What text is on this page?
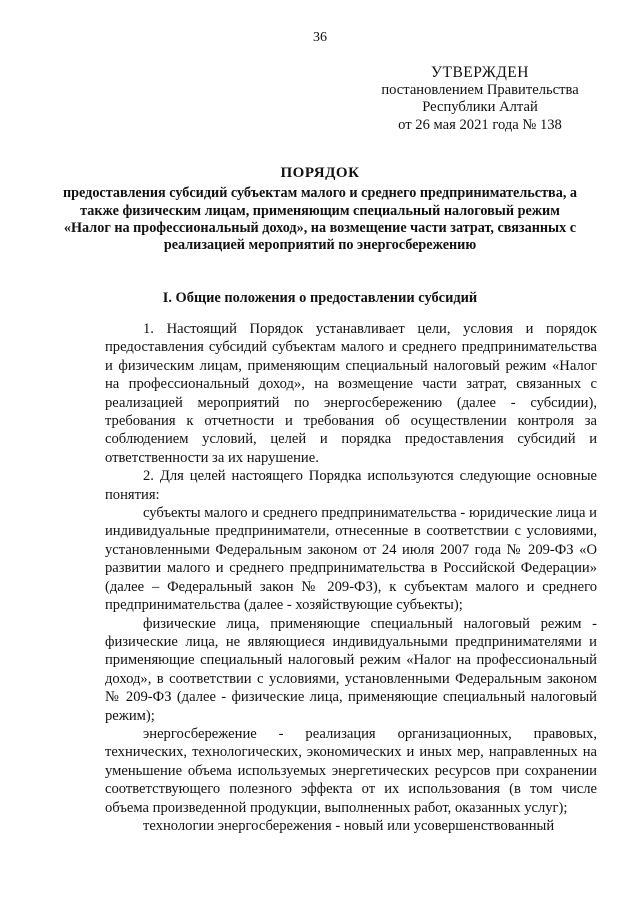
36
УТВЕРЖДЕН
постановлением Правительства
Республики Алтай
от 26 мая 2021 года № 138
ПОРЯДОК
предоставления субсидий субъектам малого и среднего предпринимательства, а также физическим лицам, применяющим специальный налоговый режим «Налог на профессиональный доход», на возмещение части затрат, связанных с реализацией мероприятий по энергосбережению
I. Общие положения о предоставлении субсидий

1. Настоящий Порядок устанавливает цели, условия и порядок предоставления субсидий субъектам малого и среднего предпринимательства и физическим лицам, применяющим специальный налоговый режим «Налог на профессиональный доход», на возмещение части затрат, связанных с реализацией мероприятий по энергосбережению (далее - субсидии), требования к отчетности и требования об осуществлении контроля за соблюдением условий, целей и порядка предоставления субсидий и ответственности за их нарушение.

2. Для целей настоящего Порядка используются следующие основные понятия:

субъекты малого и среднего предпринимательства - юридические лица и индивидуальные предприниматели, отнесенные в соответствии с условиями, установленными Федеральным законом от 24 июля 2007 года № 209-ФЗ «О развитии малого и среднего предпринимательства в Российской Федерации» (далее – Федеральный закон № 209-ФЗ), к субъектам малого и среднего предпринимательства (далее - хозяйствующие субъекты);

физические лица, применяющие специальный налоговый режим - физические лица, не являющиеся индивидуальными предпринимателями и применяющие специальный налоговый режим «Налог на профессиональный доход», в соответствии с условиями, установленными Федеральным законом № 209-ФЗ (далее - физические лица, применяющие специальный налоговый режим);

энергосбережение - реализация организационных, правовых, технических, технологических, экономических и иных мер, направленных на уменьшение объема используемых энергетических ресурсов при сохранении соответствующего полезного эффекта от их использования (в том числе объема произведенной продукции, выполненных работ, оказанных услуг);

технологии энергосбережения - новый или усовершенствованный
